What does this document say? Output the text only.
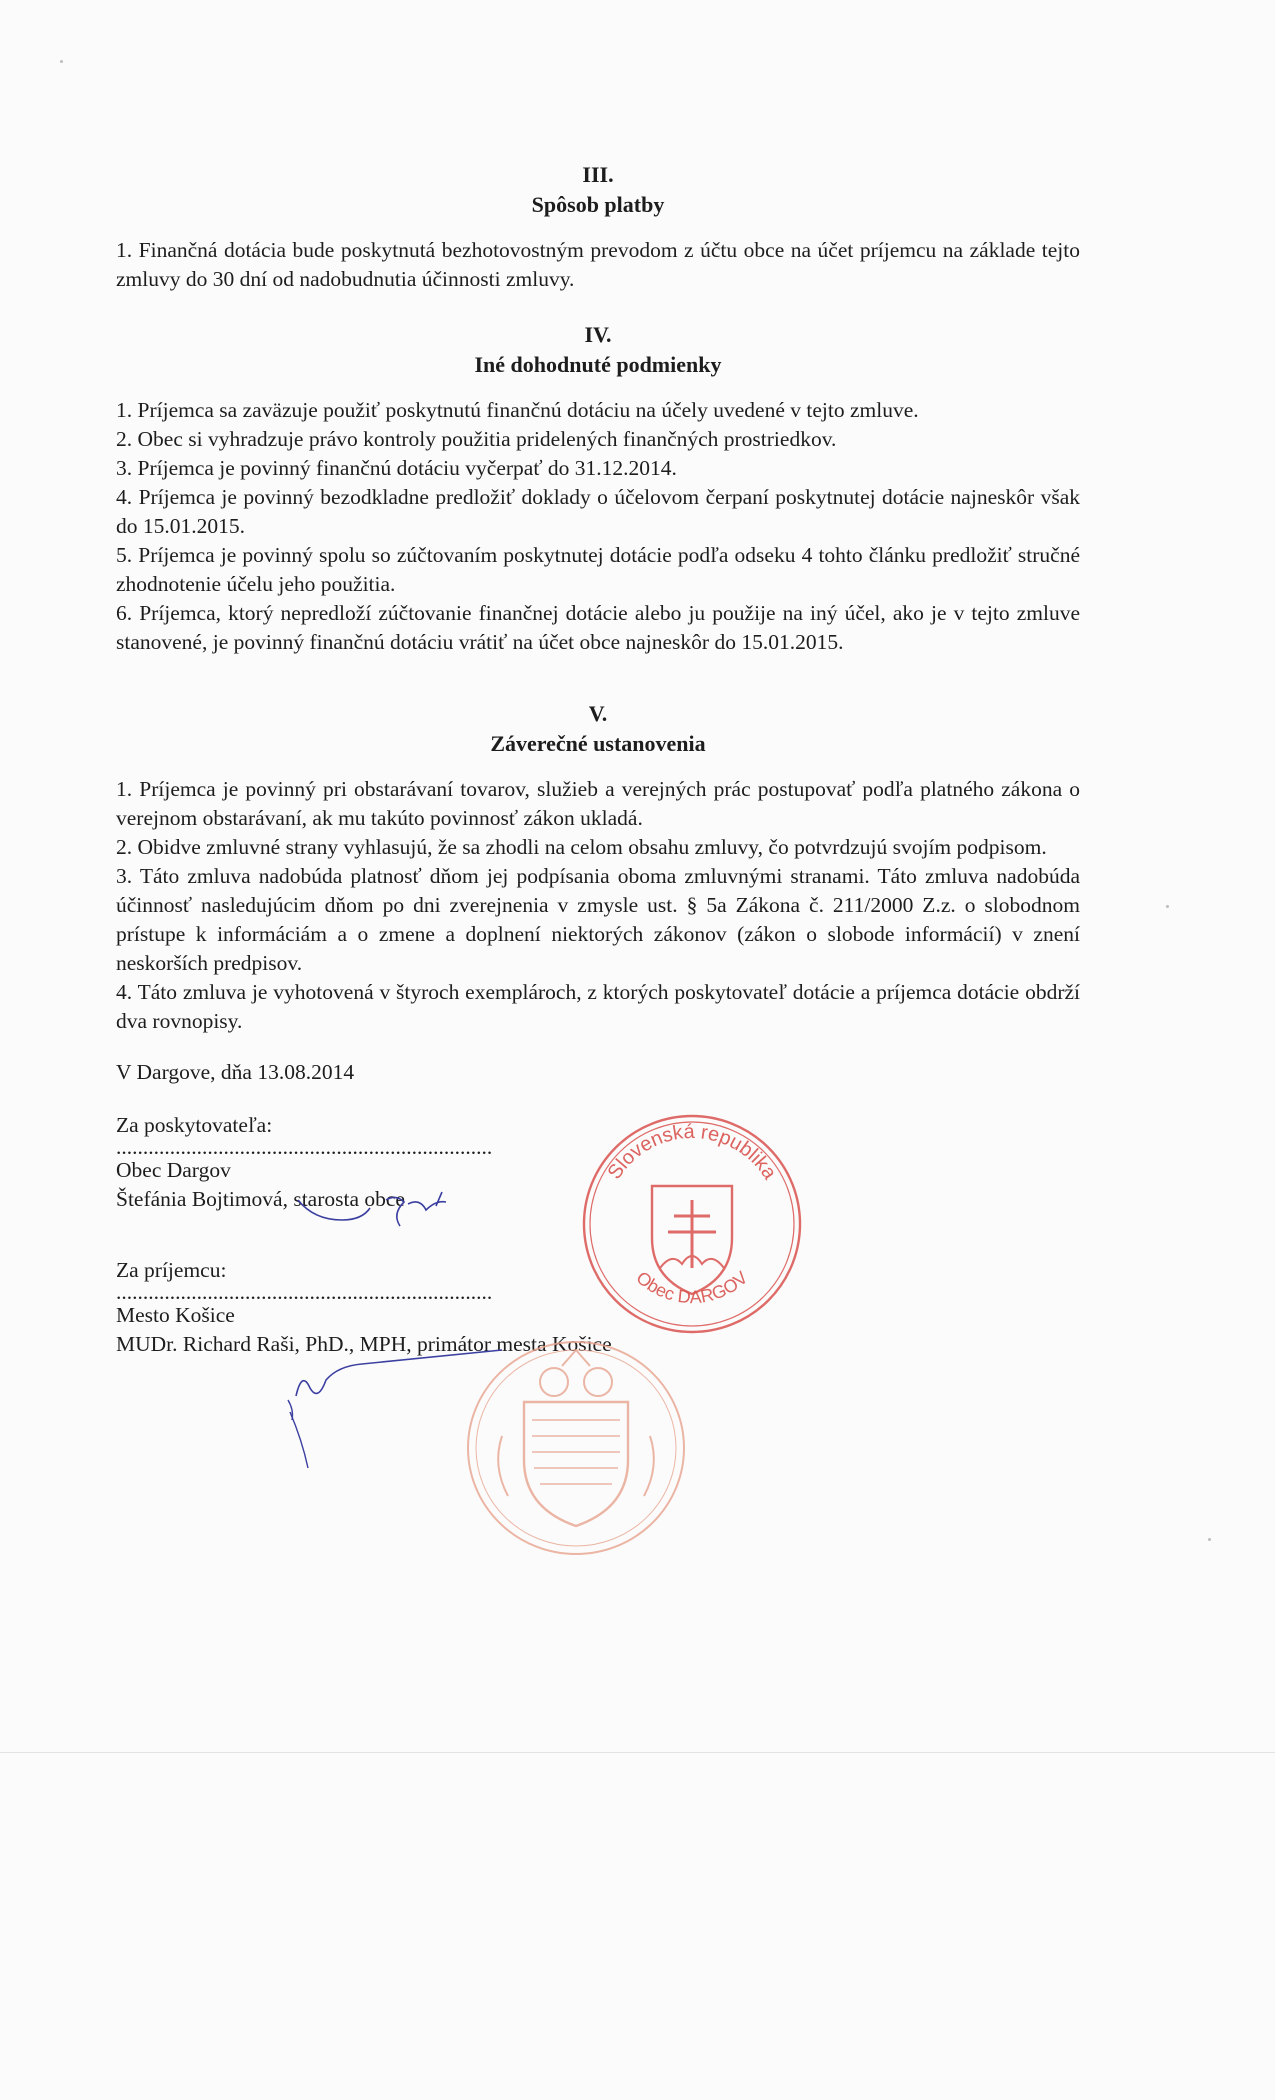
III.
Spôsob platby

1. Finančná dotácia bude poskytnutá bezhotovostným prevodom z účtu obce na účet príjemcu na základe tejto zmluvy do 30 dní od nadobudnutia účinnosti zmluvy.

IV.
Iné dohodnuté podmienky

1. Príjemca sa zaväzuje použiť poskytnutú finančnú dotáciu na účely uvedené v tejto zmluve.

2. Obec si vyhradzuje právo kontroly použitia pridelených finančných prostriedkov.

3. Príjemca je povinný finančnú dotáciu vyčerpať do 31.12.2014.

4. Príjemca je povinný bezodkladne predložiť doklady o účelovom čerpaní poskytnutej dotácie najneskôr však do 15.01.2015.

5. Príjemca je povinný spolu so zúčtovaním poskytnutej dotácie podľa odseku 4 tohto článku predložiť stručné zhodnotenie účelu jeho použitia.

6. Príjemca, ktorý nepredloží zúčtovanie finančnej dotácie alebo ju použije na iný účel, ako je v tejto zmluve stanovené, je povinný finančnú dotáciu vrátiť na účet obce najneskôr do 15.01.2015.

V.
Záverečné ustanovenia

1. Príjemca je povinný pri obstarávaní tovarov, služieb a verejných prác postupovať podľa platného zákona o verejnom obstarávaní, ak mu takúto povinnosť zákon ukladá.

2. Obidve zmluvné strany vyhlasujú, že sa zhodli na celom obsahu zmluvy, čo potvrdzujú svojím podpisom.

3. Táto zmluva nadobúda platnosť dňom jej podpísania oboma zmluvnými stranami. Táto zmluva nadobúda účinnosť nasledujúcim dňom po dni zverejnenia v zmysle ust. § 5a Zákona č. 211/2000 Z.z. o slobodnom prístupe k informáciám a o zmene a doplnení niektorých zákonov (zákon o slobode informácií) v znení neskorších predpisov.

4. Táto zmluva je vyhotovená v štyroch exemplároch, z ktorých poskytovateľ dotácie a príjemca dotácie obdrží dva rovnopisy.

V Dargove, dňa 13.08.2014
Za poskytovateľa:
......................................................................
Obec Dargov
Štefánia Bojtimová, starosta obce
Za príjemcu:
......................................................................
Mesto Košice
MUDr. Richard Raši, PhD., MPH, primátor mesta Košice
Slovenská republika
Obec DARGOV
